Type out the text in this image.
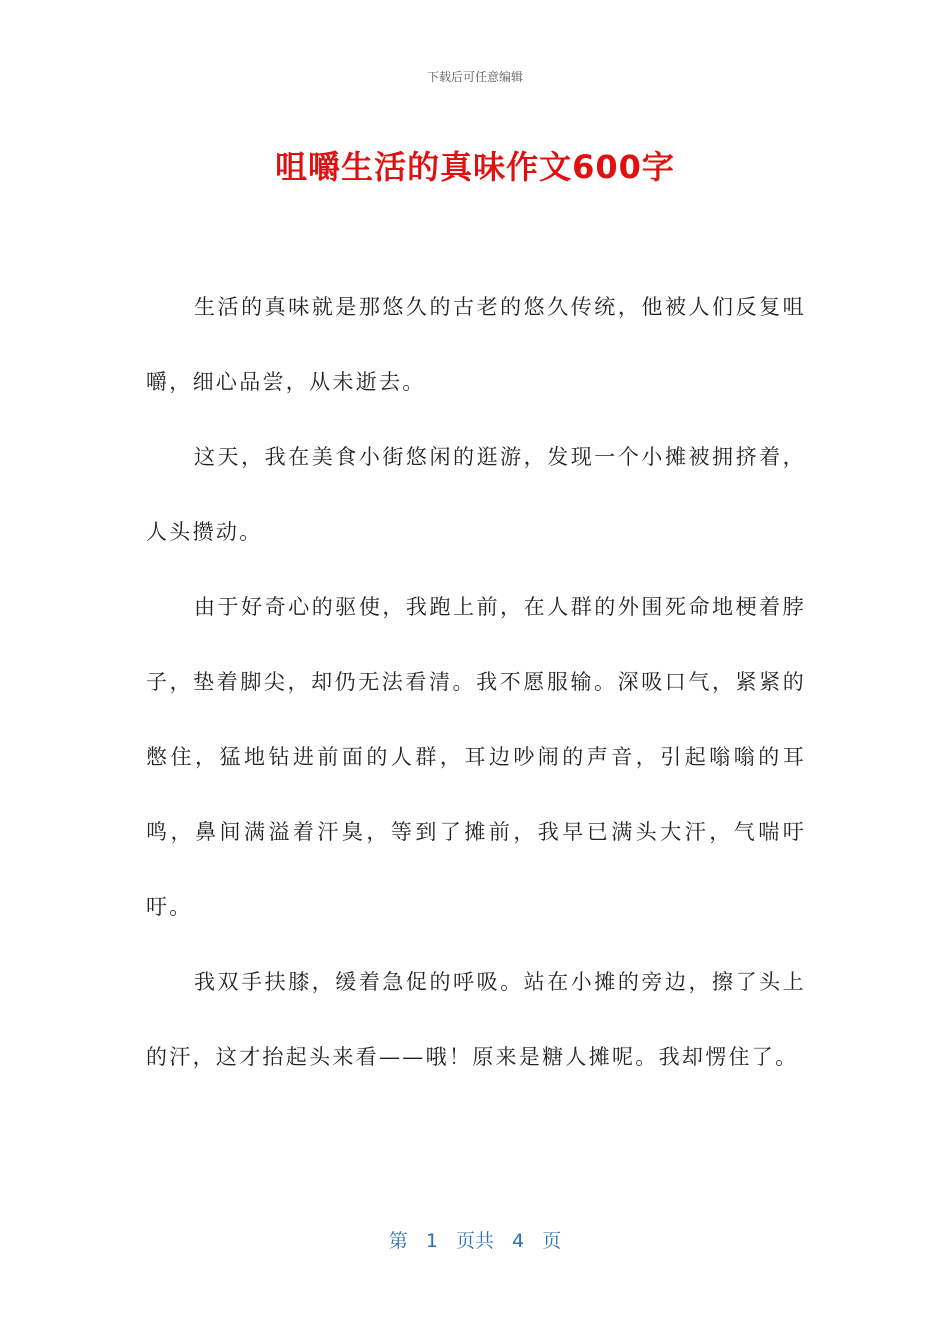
下载后可任意编辑
咀嚼生活的真味作文600字

生活的真味就是那悠久的古老的悠久传统，他被人们反复咀嚼，细心品尝，从未逝去。

这天，我在美食小街悠闲的逛游，发现一个小摊被拥挤着，人头攒动。

由于好奇心的驱使，我跑上前，在人群的外围死命地梗着脖子，垫着脚尖，却仍无法看清。我不愿服输。深吸口气，紧紧的憋住，猛地钻进前面的人群，耳边吵闹的声音，引起嗡嗡的耳鸣，鼻间满溢着汗臭，等到了摊前，我早已满头大汗，气喘吁吁。

我双手扶膝，缓着急促的呼吸。站在小摊的旁边，擦了头上的汗，这才抬起头来看——哦！原来是糖人摊呢。我却愣住了。

第 1 页共 4 页
